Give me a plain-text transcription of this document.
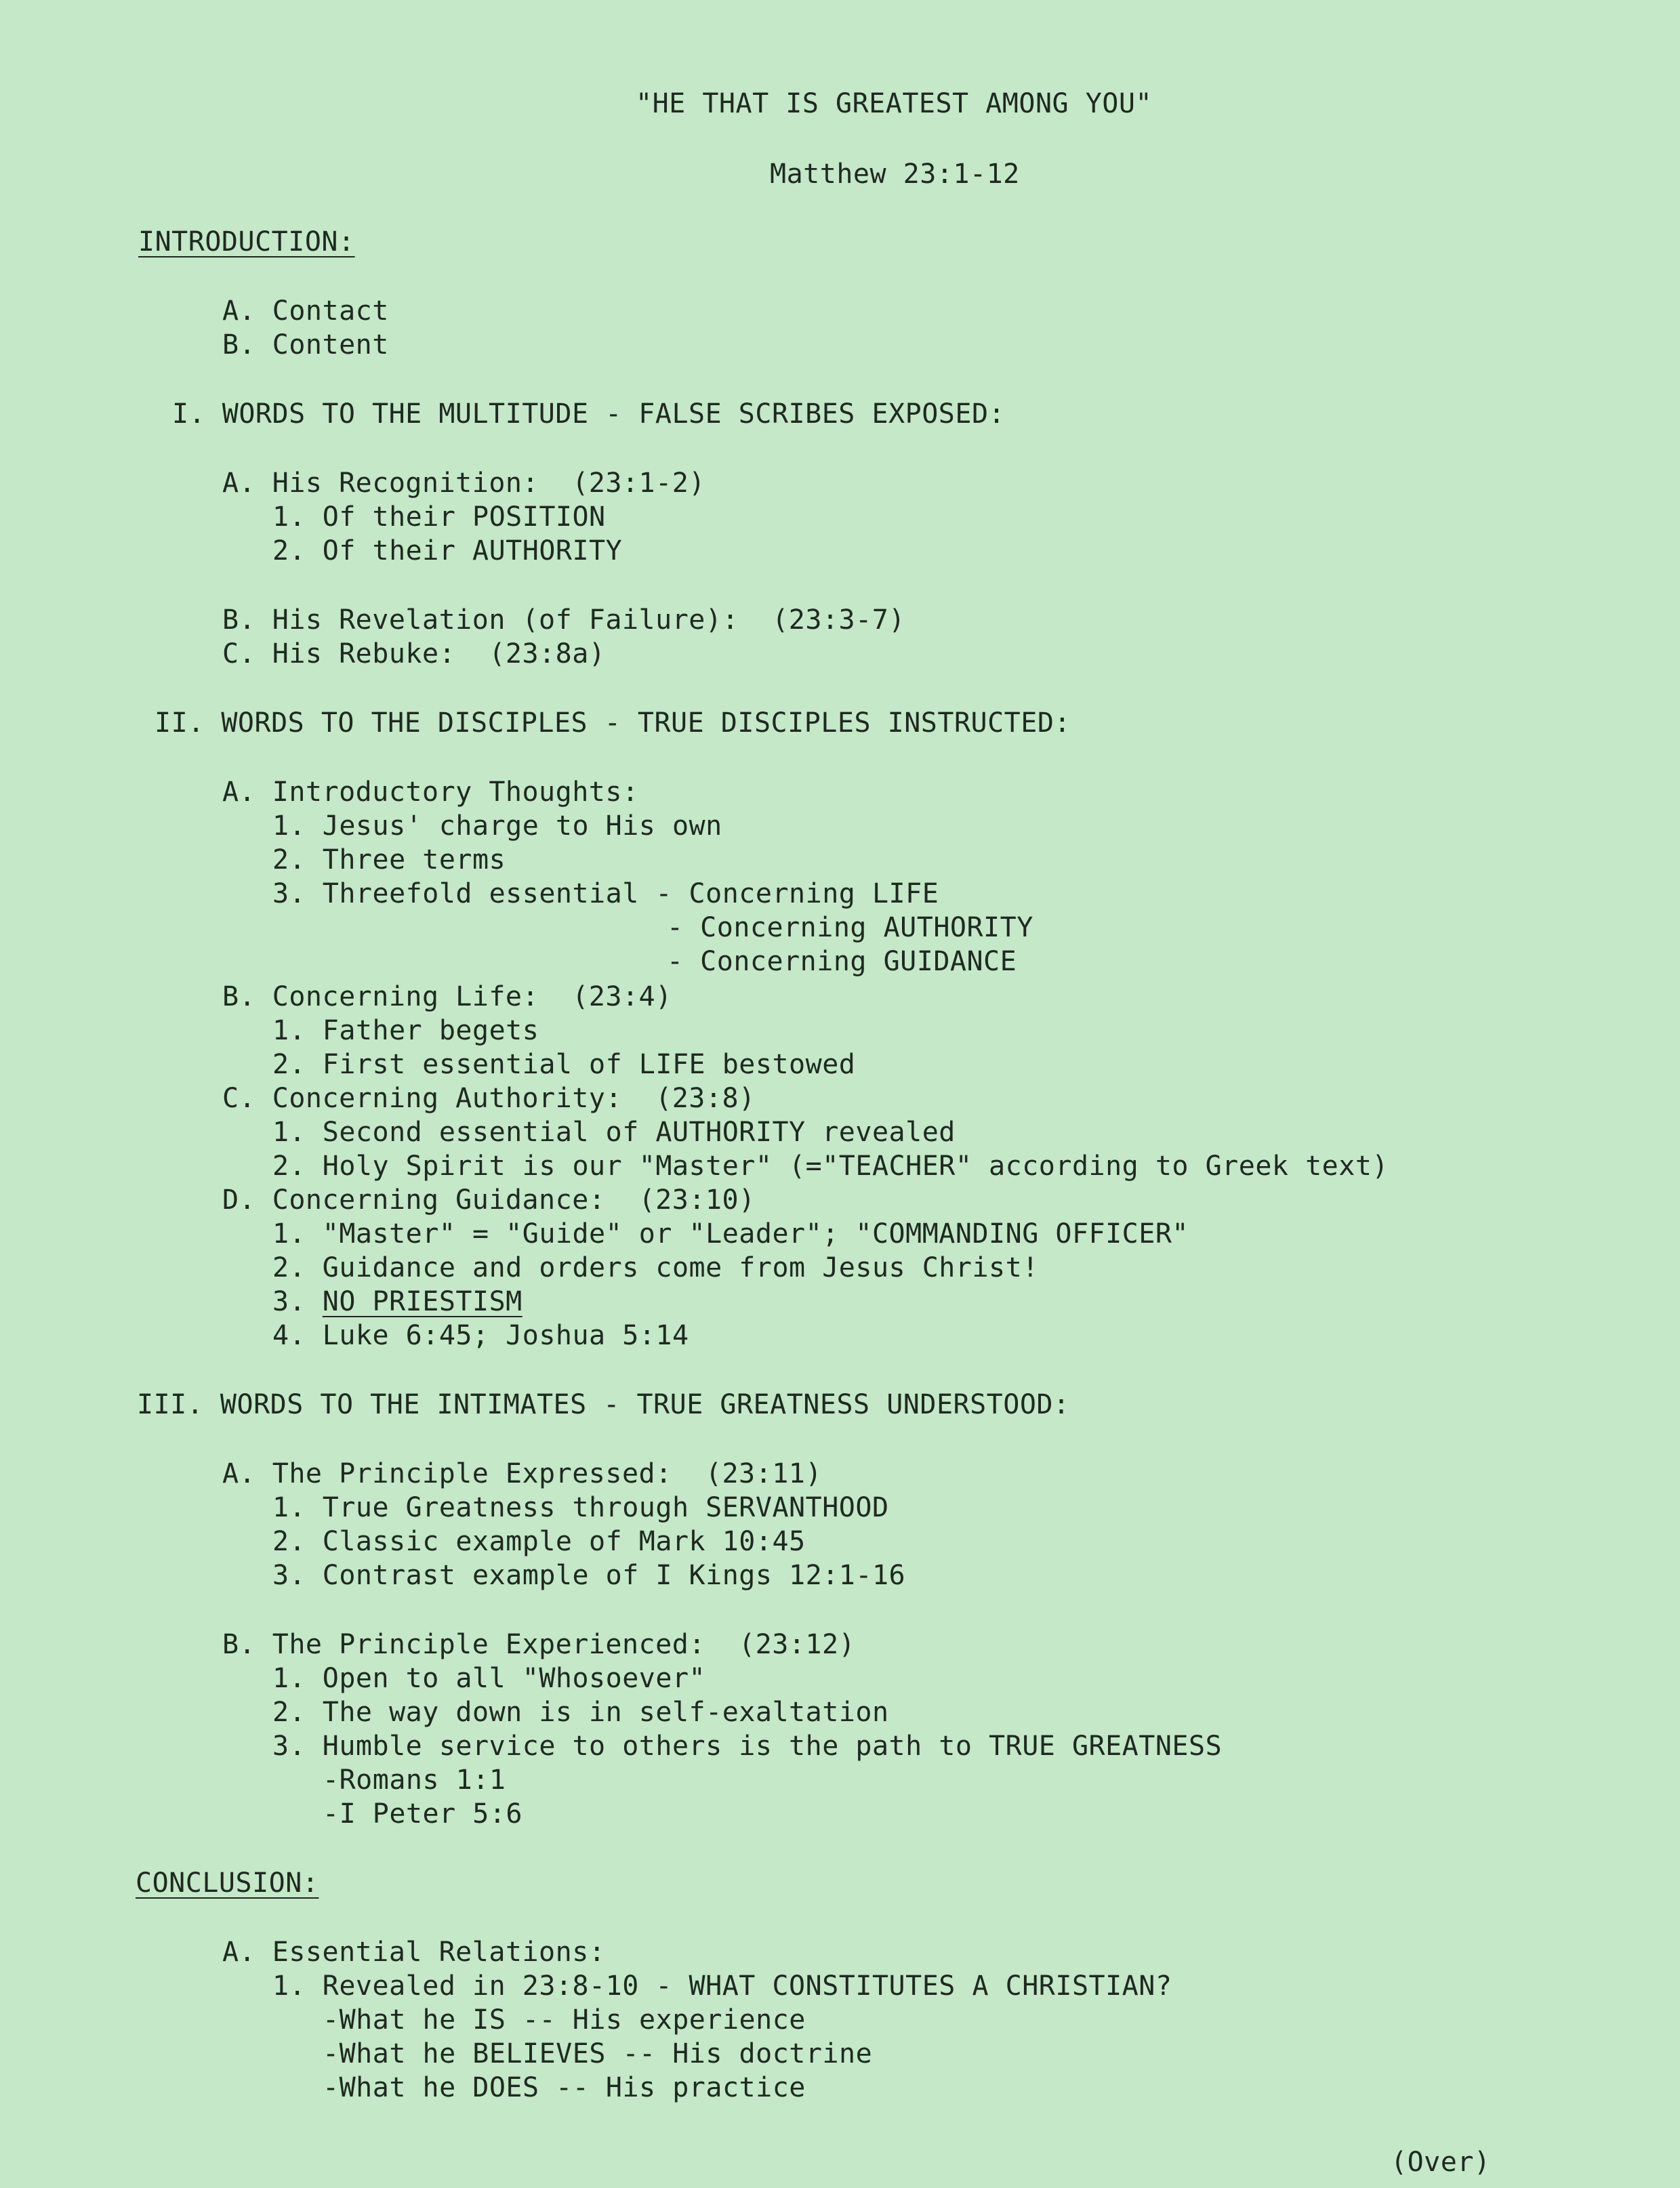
"HE THAT IS GREATEST AMONG YOU"
Matthew 23:1-12
INTRODUCTION:
A. Contact
B. Content
I. WORDS TO THE MULTITUDE - FALSE SCRIBES EXPOSED:
A. His Recognition:  (23:1-2)
1. Of their POSITION
2. Of their AUTHORITY
B. His Revelation (of Failure):  (23:3-7)
C. His Rebuke:  (23:8a)
II. WORDS TO THE DISCIPLES - TRUE DISCIPLES INSTRUCTED:
A. Introductory Thoughts:
1. Jesus' charge to His own
2. Three terms
3. Threefold essential - Concerning LIFE
- Concerning AUTHORITY
- Concerning GUIDANCE
B. Concerning Life:  (23:4)
1. Father begets
2. First essential of LIFE bestowed
C. Concerning Authority:  (23:8)
1. Second essential of AUTHORITY revealed
2. Holy Spirit is our "Master" (="TEACHER" according to Greek text)
D. Concerning Guidance:  (23:10)
1. "Master" = "Guide" or "Leader"; "COMMANDING OFFICER"
2. Guidance and orders come from Jesus Christ!
3. NO PRIESTISM
4. Luke 6:45; Joshua 5:14
III. WORDS TO THE INTIMATES - TRUE GREATNESS UNDERSTOOD:
A. The Principle Expressed:  (23:11)
1. True Greatness through SERVANTHOOD
2. Classic example of Mark 10:45
3. Contrast example of I Kings 12:1-16
B. The Principle Experienced:  (23:12)
1. Open to all "Whosoever"
2. The way down is in self-exaltation
3. Humble service to others is the path to TRUE GREATNESS
-Romans 1:1
-I Peter 5:6
CONCLUSION:
A. Essential Relations:
1. Revealed in 23:8-10 - WHAT CONSTITUTES A CHRISTIAN?
-What he IS -- His experience
-What he BELIEVES -- His doctrine
-What he DOES -- His practice
(Over)
